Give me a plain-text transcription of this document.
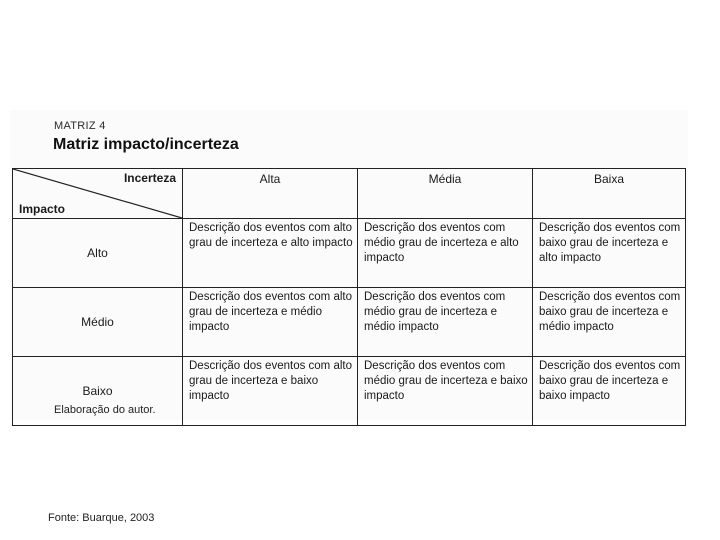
MATRIZ 4
Matriz impacto/incerteza
Incerteza
Impacto	Alta	Média	Baixa
Alto	Descrição dos eventos com alto grau de incerteza e alto impacto	Descrição dos eventos com médio grau de incerteza e alto impacto	Descrição dos eventos com baixo grau de incerteza e alto impacto
Médio	Descrição dos eventos com alto grau de incerteza e médio impacto	Descrição dos eventos com médio grau de incerteza e médio impacto	Descrição dos eventos com baixo grau de incerteza e médio impacto
Baixo	Descrição dos eventos com alto grau de incerteza e baixo impacto	Descrição dos eventos com médio grau de incerteza e baixo impacto	Descrição dos eventos com baixo grau de incerteza e baixo impacto
Elaboração do autor.
Fonte: Buarque, 2003
